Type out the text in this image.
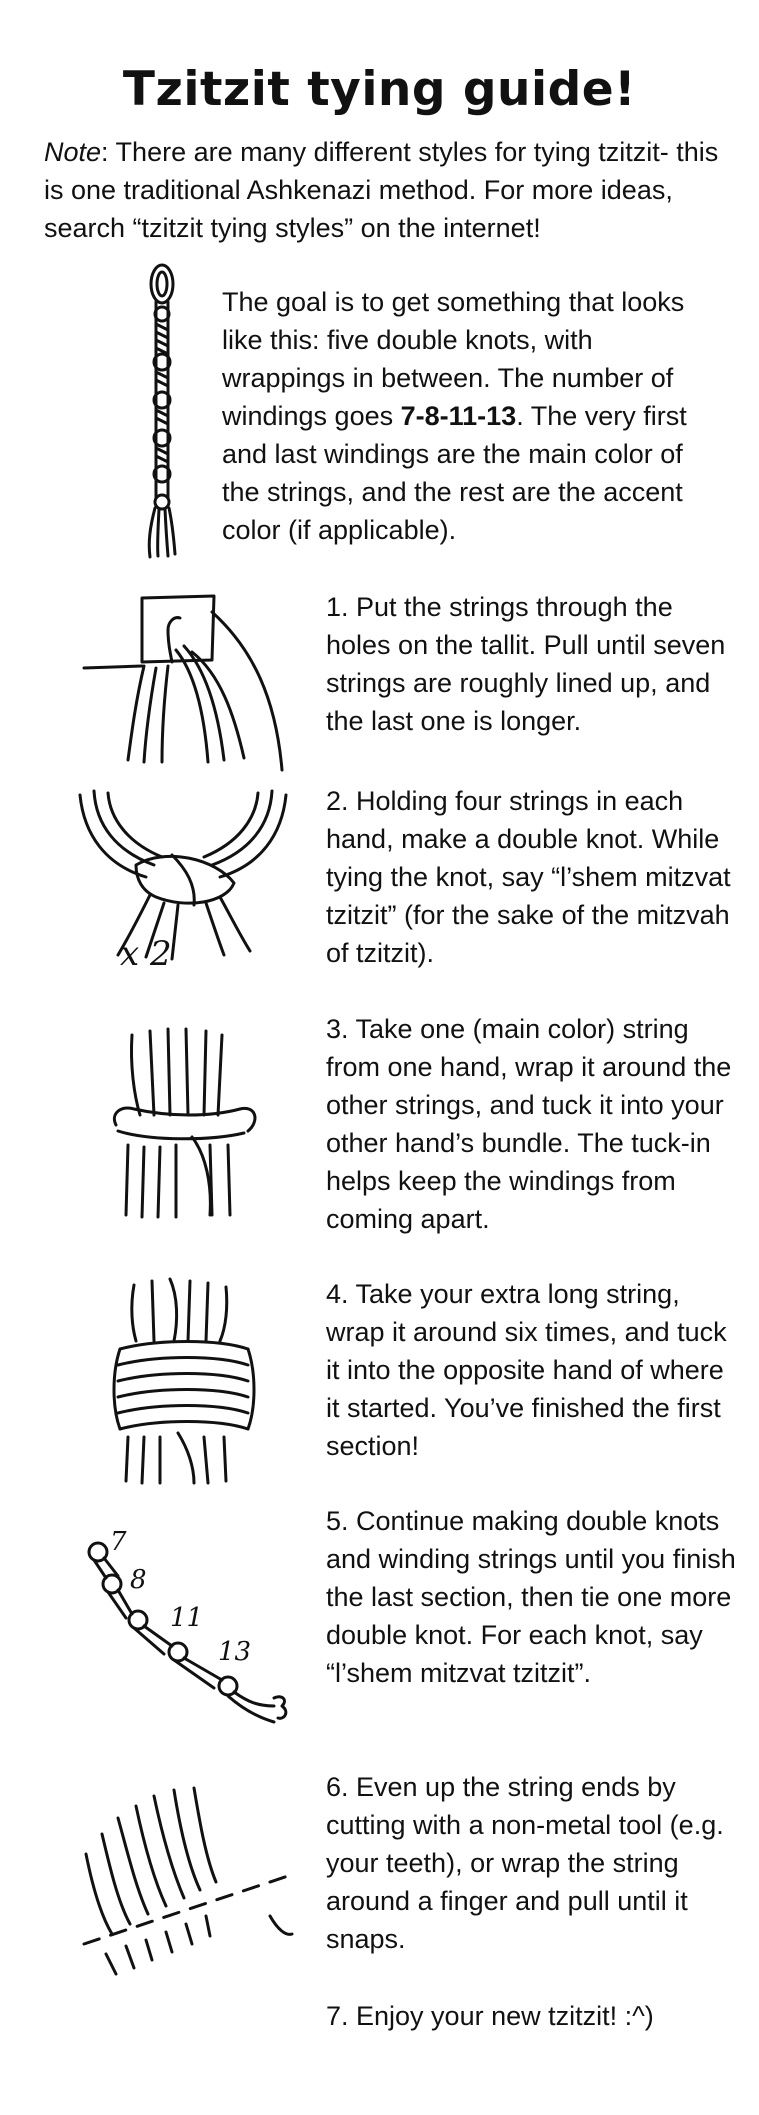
Tzitzit tying guide!
Note: There are many different styles for tying tzitzit- this is one traditional Ashkenazi method. For more ideas, search “tzitzit tying styles” on the internet!
The goal is to get something that looks like this: five double knots, with wrappings in between. The number of windings goes 7-8-11-13. The very first and last windings are the main color of the strings, and the rest are the accent color (if applicable).
1. Put the strings through the holes on the tallit. Pull until seven strings are roughly lined up, and the last one is longer.
x 2
2. Holding four strings in each hand, make a double knot. While tying the knot, say “l’shem mitzvat tzitzit” (for the sake of the mitzvah of tzitzit).
3. Take one (main color) string from one hand, wrap it around the other strings, and tuck it into your other hand’s bundle. The tuck-in helps keep the windings from coming apart.
4. Take your extra long string, wrap it around six times, and tuck it into the opposite hand of where it started. You’ve finished the first section!
7
8
11
13
5. Continue making double knots and winding strings until you finish the last section, then tie one more double knot. For each knot, say “l’shem mitzvat tzitzit”.
6. Even up the string ends by cutting with a non-metal tool (e.g. your teeth), or wrap the string around a finger and pull until it snaps.
7. Enjoy your new tzitzit! :^)
